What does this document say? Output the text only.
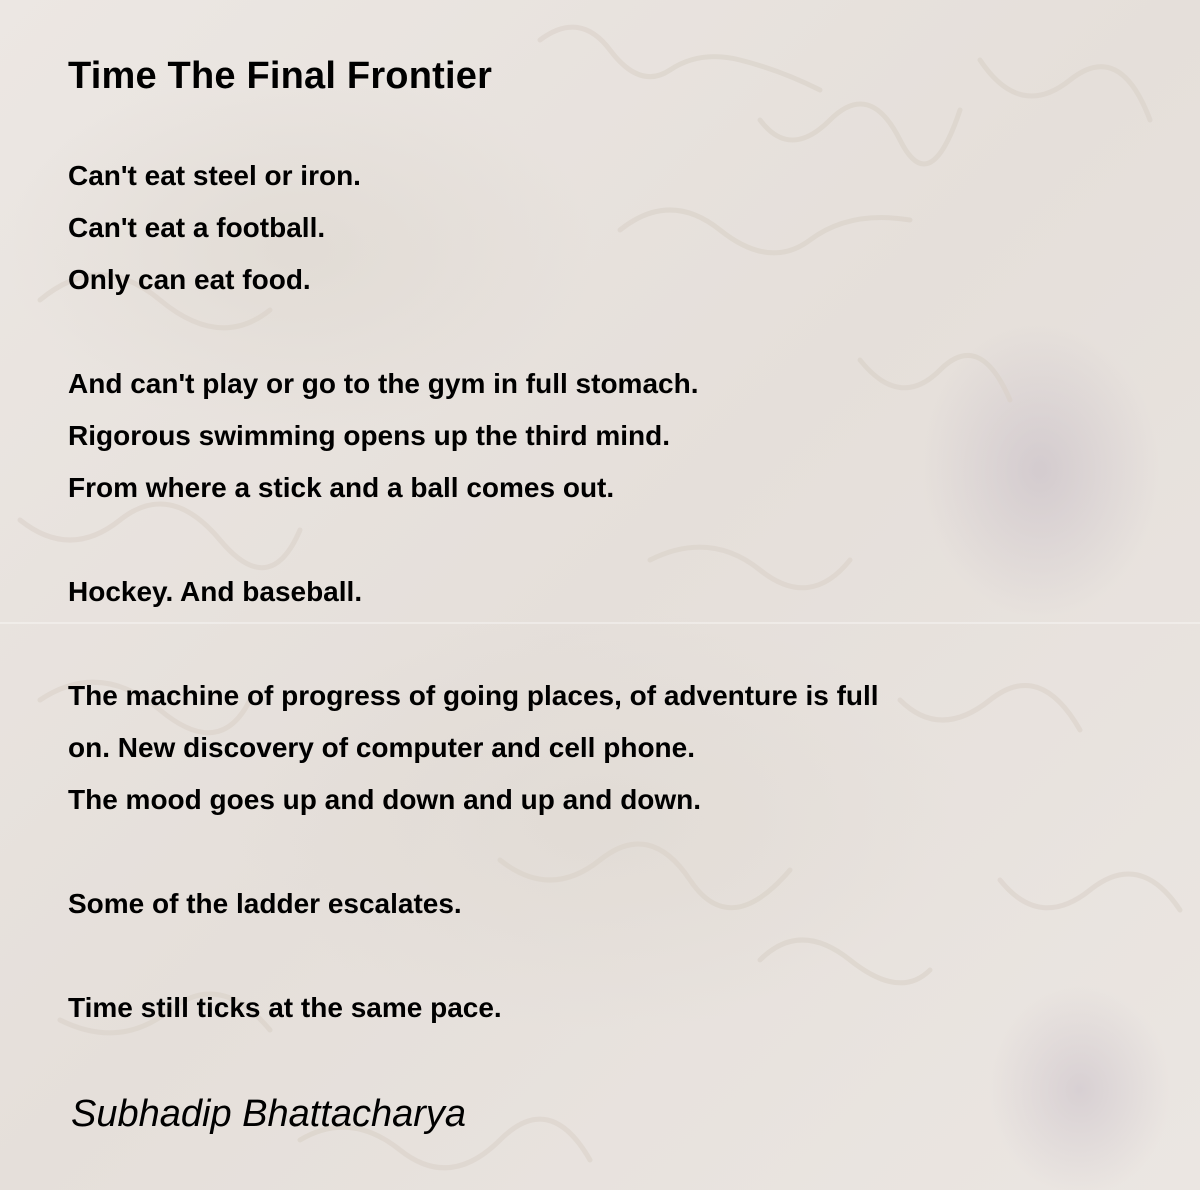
Time The Final Frontier
Can't eat steel or iron.
Can't eat a football.
Only can eat food.
And can't play or go to the gym in full stomach.
Rigorous swimming opens up the third mind.
From where a stick and a ball comes out.
Hockey. And baseball.
The machine of progress of going places, of adventure is full
on. New discovery of computer and cell phone.
The mood goes up and down and up and down.
Some of the ladder escalates.
Time still ticks at the same pace.
Subhadip Bhattacharya
